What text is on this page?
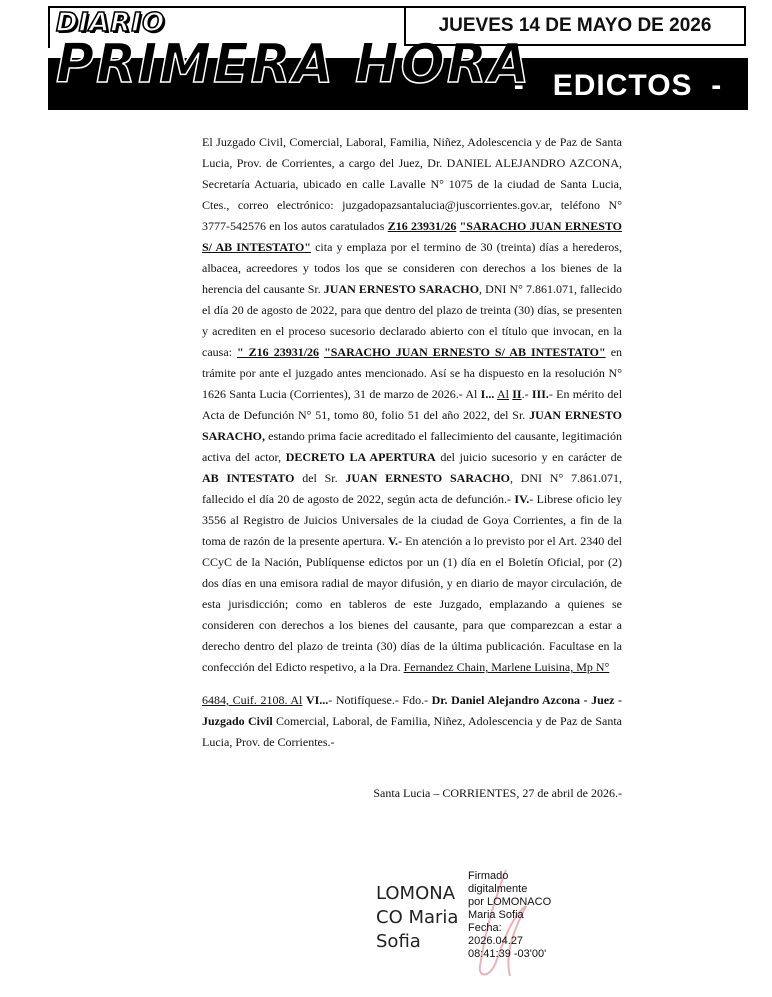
DIARIO
PRIMERA HORA
JUEVES 14 DE MAYO DE 2026
-   EDICTOS  -

El Juzgado Civil, Comercial, Laboral, Familia, Niñez, Adolescencia y de Paz de Santa Lucia, Prov. de Corrientes, a cargo del Juez, Dr. DANIEL ALEJANDRO AZCONA, Secretaría Actuaria, ubicado en calle Lavalle N° 1075 de la ciudad de Santa Lucia, Ctes., correo electrónico: juzgadopazsantalucia@juscorrientes.gov.ar, teléfono N° 3777-542576 en los autos caratulados Z16 23931/26 "SARACHO JUAN ERNESTO S/ AB INTESTATO" cita y emplaza por el termino de 30 (treinta) días a herederos, albacea, acreedores y todos los que se consideren con derechos a los bienes de la herencia del causante Sr. JUAN ERNESTO SARACHO, DNI N° 7.861.071, fallecido el día 20 de agosto de 2022, para que dentro del plazo de treinta (30) días, se presenten y acrediten en el proceso sucesorio declarado abierto con el título que invocan, en la causa: " Z16 23931/26 "SARACHO JUAN ERNESTO S/ AB INTESTATO" en trámite por ante el juzgado antes mencionado. Así se ha dispuesto en la resolución N° 1626 Santa Lucia (Corrientes), 31 de marzo de 2026.- Al I... Al II.- III.- En mérito del Acta de Defunción N° 51, tomo 80, folio 51 del año 2022, del Sr. JUAN ERNESTO SARACHO, estando prima facie acreditado el fallecimiento del causante, legitimación activa del actor, DECRETO LA APERTURA del juicio sucesorio y en carácter de AB INTESTATO del Sr. JUAN ERNESTO SARACHO, DNI N° 7.861.071, fallecido el día 20 de agosto de 2022, según acta de defunción.- IV.- Librese oficio ley 3556 al Registro de Juicios Universales de la ciudad de Goya Corrientes, a fin de la toma de razón de la presente apertura. V.- En atención a lo previsto por el Art. 2340 del CCyC de la Nación, Publíquense edictos por un (1) día en el Boletín Oficial, por (2) dos días en una emisora radial de mayor difusión, y en diario de mayor circulación, de esta jurisdicción; como en tableros de este Juzgado, emplazando a quienes se consideren con derechos a los bienes del causante, para que comparezcan a estar a derecho dentro del plazo de treinta (30) días de la última publicación. Facultase en la confección del Edicto respetivo, a la Dra. Fernandez Chain, Marlene Luisina, Mp N°

6484, Cuif. 2108. Al VI...- Notifíquese.- Fdo.- Dr. Daniel Alejandro Azcona - Juez - Juzgado Civil Comercial, Laboral, de Familia, Niñez, Adolescencia y de Paz de Santa Lucia, Prov. de Corrientes.-

Santa Lucia – CORRIENTES, 27 de abril de 2026.-
LOMONA
CO Maria
Sofia
Firmado
digitalmente
por LOMONACO
Maria Sofia
Fecha:
2026.04.27
08:41:39 -03'00'
